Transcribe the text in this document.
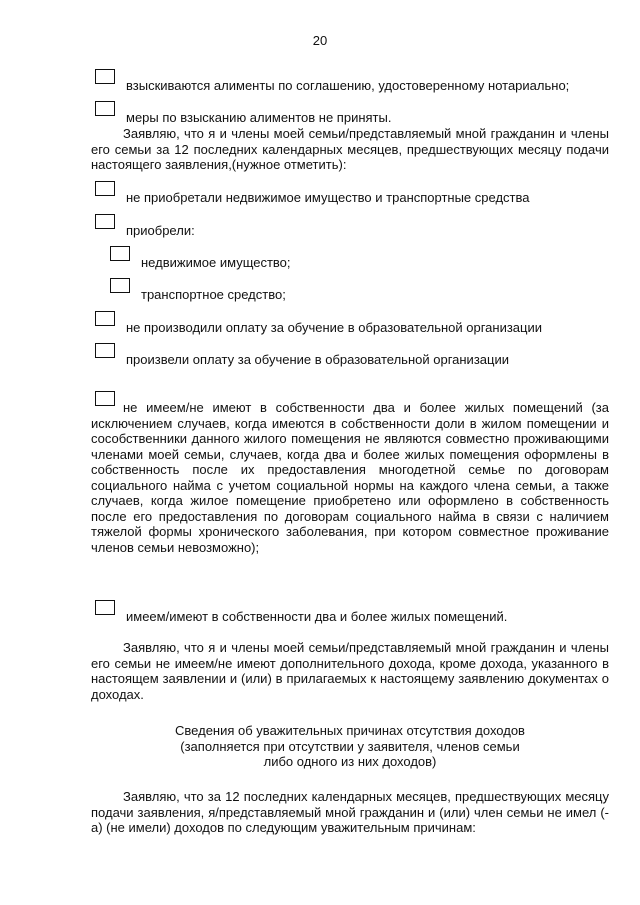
20
взыскиваются алименты по соглашению, удостоверенному нотариально;
меры по взысканию алиментов не приняты.
Заявляю, что я и члены моей семьи/представляемый мной гражданин и члены его семьи за 12 последних календарных месяцев, предшествующих месяцу подачи настоящего заявления,(нужное отметить):
не приобретали недвижимое имущество и транспортные средства
приобрели:
недвижимое имущество;
транспортное средство;
не производили оплату за обучение в образовательной организации
произвели оплату за обучение в образовательной организации
не имеем/не имеют в собственности два и более жилых помещений (за исключением случаев, когда имеются в собственности доли в жилом помещении и сособственники данного жилого помещения не являются совместно проживающими членами моей семьи, случаев, когда два и более жилых помещения оформлены в собственность после их предоставления многодетной семье по договорам социального найма с учетом социальной нормы на каждого члена семьи, а также случаев, когда жилое помещение приобретено или оформлено в собственность после его предоставления по договорам социального найма в связи с наличием тяжелой формы хронического заболевания, при котором совместное проживание членов семьи невозможно);
имеем/имеют в собственности два и более жилых помещений.
Заявляю, что я и члены моей семьи/представляемый мной гражданин и члены его семьи не имеем/не имеют дополнительного дохода, кроме дохода, указанного в настоящем заявлении и (или) в прилагаемых к настоящему заявлению документах о доходах.
Сведения об уважительных причинах отсутствия доходов
(заполняется при отсутствии у заявителя, членов семьи
либо одного из них доходов)
Заявляю, что за 12 последних календарных месяцев, предшествующих месяцу подачи заявления, я/представляемый мной гражданин и (или) член семьи не имел (-а) (не имели) доходов по следующим уважительным причинам:
